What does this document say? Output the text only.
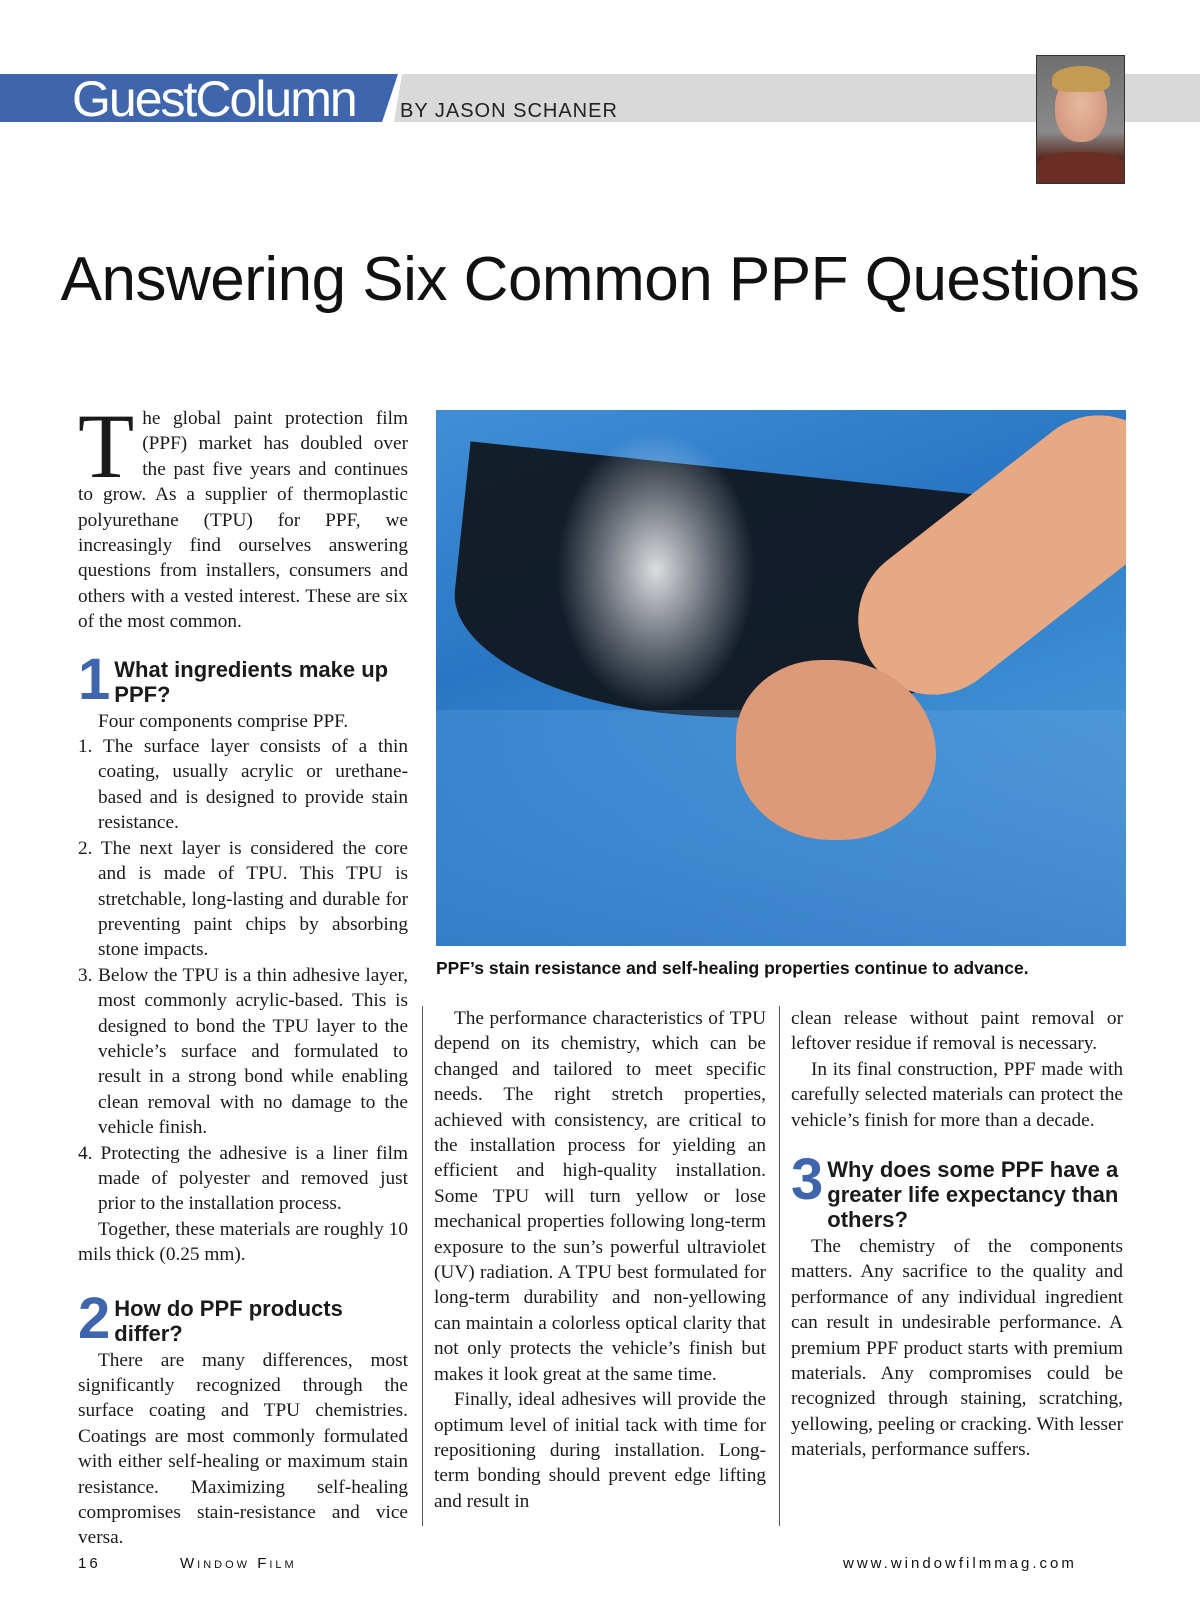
GuestColumn BY JASON SCHANER
Answering Six Common PPF Questions

The global paint protection film (PPF) market has doubled over the past five years and continues to grow. As a supplier of thermoplastic polyurethane (TPU) for PPF, we increasingly find ourselves answering questions from installers, consumers and others with a vested interest. These are six of the most common.

1 What ingredients make up PPF?

Four components comprise PPF.

1. The surface layer consists of a thin coating, usually acrylic or urethane-based and is designed to provide stain resistance.
2. The next layer is considered the core and is made of TPU. This TPU is stretchable, long-lasting and durable for preventing paint chips by absorbing stone impacts.
3. Below the TPU is a thin adhesive layer, most commonly acrylic-based. This is designed to bond the TPU layer to the vehicle’s surface and formulated to result in a strong bond while enabling clean removal with no damage to the vehicle finish.
4. Protecting the adhesive is a liner film made of polyester and removed just prior to the installation process.

Together, these materials are roughly 10 mils thick (0.25 mm).

2 How do PPF products differ?

There are many differences, most significantly recognized through the surface coating and TPU chemistries. Coatings are most commonly formulated with either self-healing or maximum stain resistance. Maximizing self-healing compromises stain-resistance and vice versa.

PPF’s stain resistance and self-healing properties continue to advance.

The performance characteristics of TPU depend on its chemistry, which can be changed and tailored to meet specific needs. The right stretch properties, achieved with consistency, are critical to the installation process for yielding an efficient and high-quality installation. Some TPU will turn yellow or lose mechanical properties following long-term exposure to the sun’s powerful ultraviolet (UV) radiation. A TPU best formulated for long-term durability and non-yellowing can maintain a colorless optical clarity that not only protects the vehicle’s finish but makes it look great at the same time.

Finally, ideal adhesives will provide the optimum level of initial tack with time for repositioning during installation. Long-term bonding should prevent edge lifting and result in

clean release without paint removal or leftover residue if removal is necessary.

In its final construction, PPF made with carefully selected materials can protect the vehicle’s finish for more than a decade.

3 Why does some PPF have a greater life expectancy than others?

The chemistry of the components matters. Any sacrifice to the quality and performance of any individual ingredient can result in undesirable performance. A premium PPF product starts with premium materials. Any compromises could be recognized through staining, scratching, yellowing, peeling or cracking. With lesser materials, performance suffers.

16	Window Film	www.windowfilmmag.com
